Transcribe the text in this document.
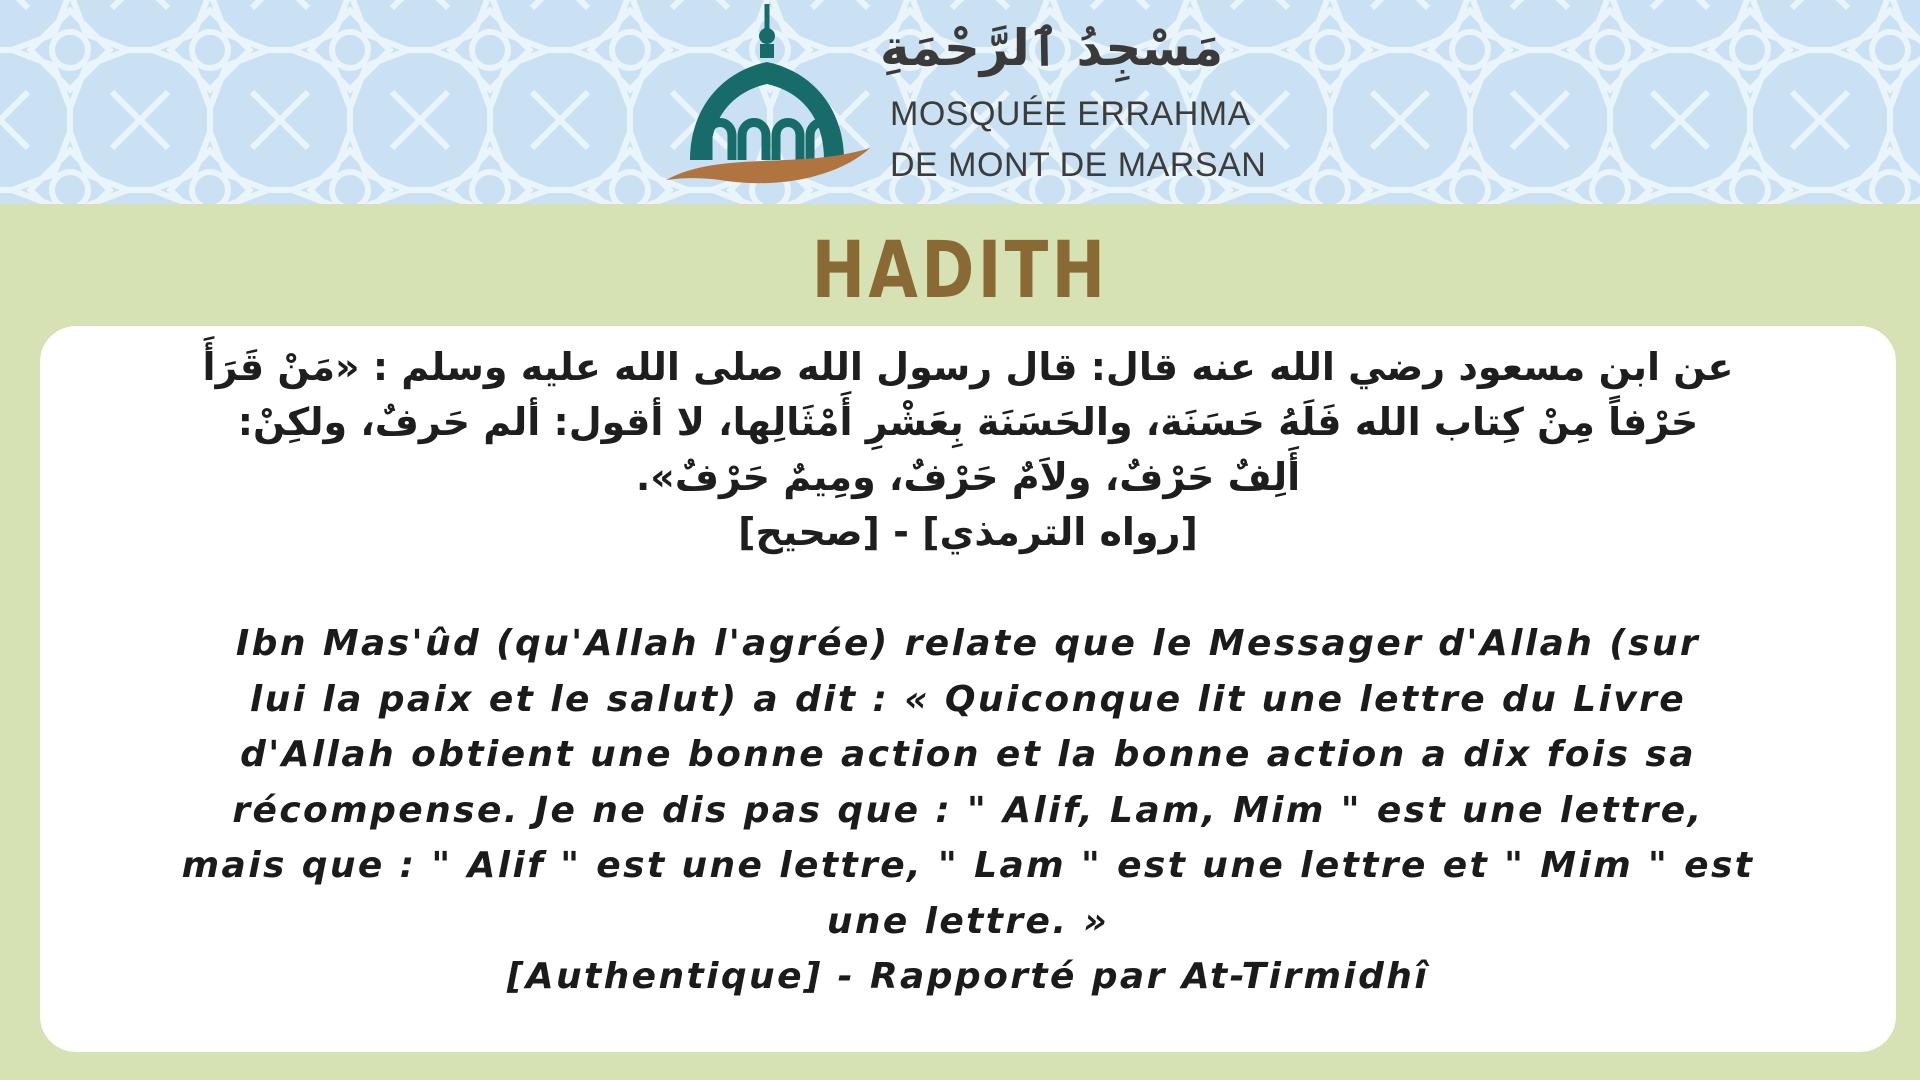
مَسْجِدُ ٱلرَّحْمَةِ
MOSQUÉE ERRAHMA
DE MONT DE MARSAN
HADITH
عن ابن مسعود رضي الله عنه قال: قال رسول الله صلى الله عليه وسلم : «مَنْ قَرَأَ
حَرْفاً مِنْ كِتاب الله فَلَهُ حَسَنَة، والحَسَنَة بِعَشْرِ أَمْثَالِها، لا أقول: ألم حَرفٌ، ولكِنْ:
أَلِفٌ حَرْفٌ، ولاَمٌ حَرْفٌ، ومِيمٌ حَرْفٌ».
[رواه الترمذي] - [صحيح]
Ibn Mas'ûd (qu'Allah l'agrée) relate que le Messager d'Allah (sur
lui la paix et le salut) a dit : « Quiconque lit une lettre du Livre
d'Allah obtient une bonne action et la bonne action a dix fois sa
récompense. Je ne dis pas que : " Alif, Lam, Mim " est une lettre,
mais que : " Alif " est une lettre, " Lam " est une lettre et " Mim " est
une lettre. »
[Authentique] - Rapporté par At-Tirmidhî
